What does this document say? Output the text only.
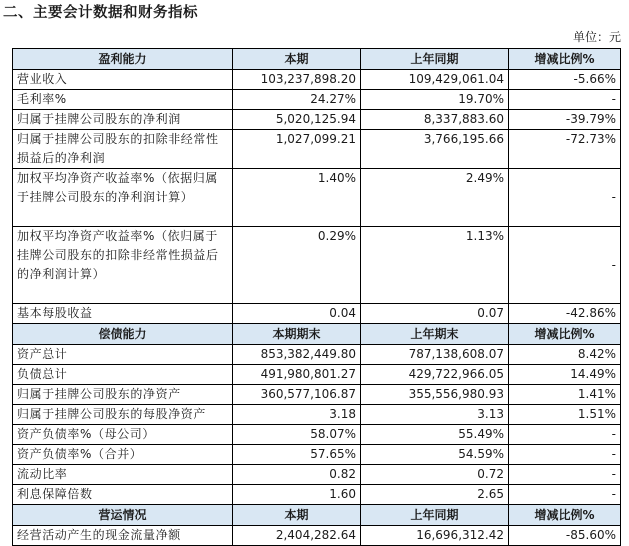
二、主要会计数据和财务指标
单位：元
盈利能力	本期	上年同期	增减比例%
营业收入	103,237,898.20	109,429,061.04	-5.66%
毛利率%	24.27%	19.70%	-
归属于挂牌公司股东的净利润	5,020,125.94	8,337,883.60	-39.79%
归属于挂牌公司股东的扣除非经常性损益后的净利润	1,027,099.21	3,766,195.66	-72.73%
加权平均净资产收益率%（依据归属于挂牌公司股东的净利润计算）	1.40%	2.49%	-
加权平均净资产收益率%（依归属于挂牌公司股东的扣除非经常性损益后的净利润计算）	0.29%	1.13%	-
基本每股收益	0.04	0.07	-42.86%
偿债能力	本期期末	上年期末	增减比例%
资产总计	853,382,449.80	787,138,608.07	8.42%
负债总计	491,980,801.27	429,722,966.05	14.49%
归属于挂牌公司股东的净资产	360,577,106.87	355,556,980.93	1.41%
归属于挂牌公司股东的每股净资产	3.18	3.13	1.51%
资产负债率%（母公司）	58.07%	55.49%	-
资产负债率%（合并）	57.65%	54.59%	-
流动比率	0.82	0.72	-
利息保障倍数	1.60	2.65	-
营运情况	本期	上年同期	增减比例%
经营活动产生的现金流量净额	2,404,282.64	16,696,312.42	-85.60%
